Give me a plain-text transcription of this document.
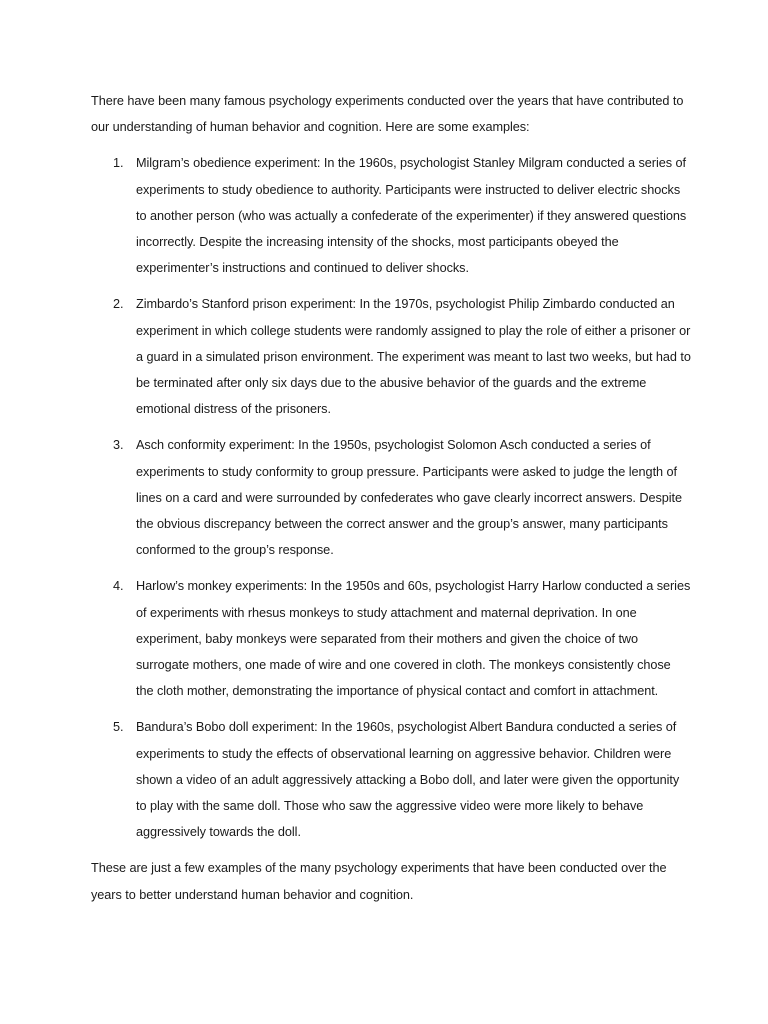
There have been many famous psychology experiments conducted over the years that have contributed to our understanding of human behavior and cognition. Here are some examples:

1. Milgram’s obedience experiment: In the 1960s, psychologist Stanley Milgram conducted a series of experiments to study obedience to authority. Participants were instructed to deliver electric shocks to another person (who was actually a confederate of the experimenter) if they answered questions incorrectly. Despite the increasing intensity of the shocks, most participants obeyed the experimenter’s instructions and continued to deliver shocks.
2. Zimbardo’s Stanford prison experiment: In the 1970s, psychologist Philip Zimbardo conducted an experiment in which college students were randomly assigned to play the role of either a prisoner or a guard in a simulated prison environment. The experiment was meant to last two weeks, but had to be terminated after only six days due to the abusive behavior of the guards and the extreme emotional distress of the prisoners.
3. Asch conformity experiment: In the 1950s, psychologist Solomon Asch conducted a series of experiments to study conformity to group pressure. Participants were asked to judge the length of lines on a card and were surrounded by confederates who gave clearly incorrect answers. Despite the obvious discrepancy between the correct answer and the group’s answer, many participants conformed to the group’s response.
4. Harlow’s monkey experiments: In the 1950s and 60s, psychologist Harry Harlow conducted a series of experiments with rhesus monkeys to study attachment and maternal deprivation. In one experiment, baby monkeys were separated from their mothers and given the choice of two surrogate mothers, one made of wire and one covered in cloth. The monkeys consistently chose the cloth mother, demonstrating the importance of physical contact and comfort in attachment.
5. Bandura’s Bobo doll experiment: In the 1960s, psychologist Albert Bandura conducted a series of experiments to study the effects of observational learning on aggressive behavior. Children were shown a video of an adult aggressively attacking a Bobo doll, and later were given the opportunity to play with the same doll. Those who saw the aggressive video were more likely to behave aggressively towards the doll.

These are just a few examples of the many psychology experiments that have been conducted over the years to better understand human behavior and cognition.
